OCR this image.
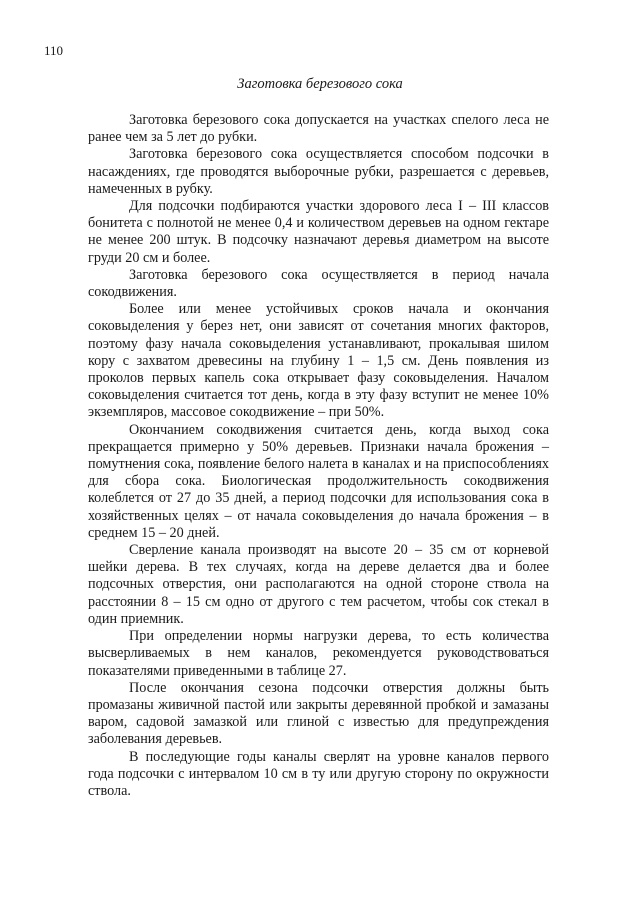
110
Заготовка березового сока

Заготовка березового сока допускается на участках спелого леса не ранее чем за 5 лет до рубки.

Заготовка березового сока осуществляется способом подсочки в насаждениях, где проводятся выборочные рубки, разрешается с деревьев, намеченных в рубку.

Для подсочки подбираются участки здорового леса I – III классов бонитета с полнотой не менее 0,4 и количеством деревьев на одном гектаре не менее 200 штук. В подсочку назначают деревья диаметром на высоте груди 20 см и более.

Заготовка березового сока осуществляется в период начала сокодвижения.

Более или менее устойчивых сроков начала и окончания соковыделения у берез нет, они зависят от сочетания многих факторов, поэтому фазу начала соковыделения устанавливают, прокалывая шилом кору с захватом древесины на глубину 1 – 1,5 см. День появления из проколов первых капель сока открывает фазу соковыделения. Началом соковыделения считается тот день, когда в эту фазу вступит не менее 10% экземпляров, массовое сокодвижение – при 50%.

Окончанием сокодвижения считается день, когда выход сока прекращается примерно у 50% деревьев. Признаки начала брожения – помутнения сока, появление белого налета в каналах и на приспособлениях для сбора сока. Биологическая продолжительность сокодвижения колеблется от 27 до 35 дней, а период подсочки для использования сока в хозяйственных целях – от начала соковыделения до начала брожения – в среднем 15 – 20 дней.

Сверление канала производят на высоте 20 – 35 см от корневой шейки дерева. В тех случаях, когда на дереве делается два и более подсочных отверстия, они располагаются на одной стороне ствола на расстоянии 8 – 15 см одно от другого с тем расчетом, чтобы сок стекал в один приемник.

При определении нормы нагрузки дерева, то есть количества высверливаемых в нем каналов, рекомендуется руководствоваться показателями приведенными в таблице 27.

После окончания сезона подсочки отверстия должны быть промазаны живичной пастой или закрыты деревянной пробкой и замазаны варом, садовой замазкой или глиной с известью для предупреждения заболевания деревьев.

В последующие годы каналы сверлят на уровне каналов первого года подсочки с интервалом 10 см в ту или другую сторону по окружности ствола.
